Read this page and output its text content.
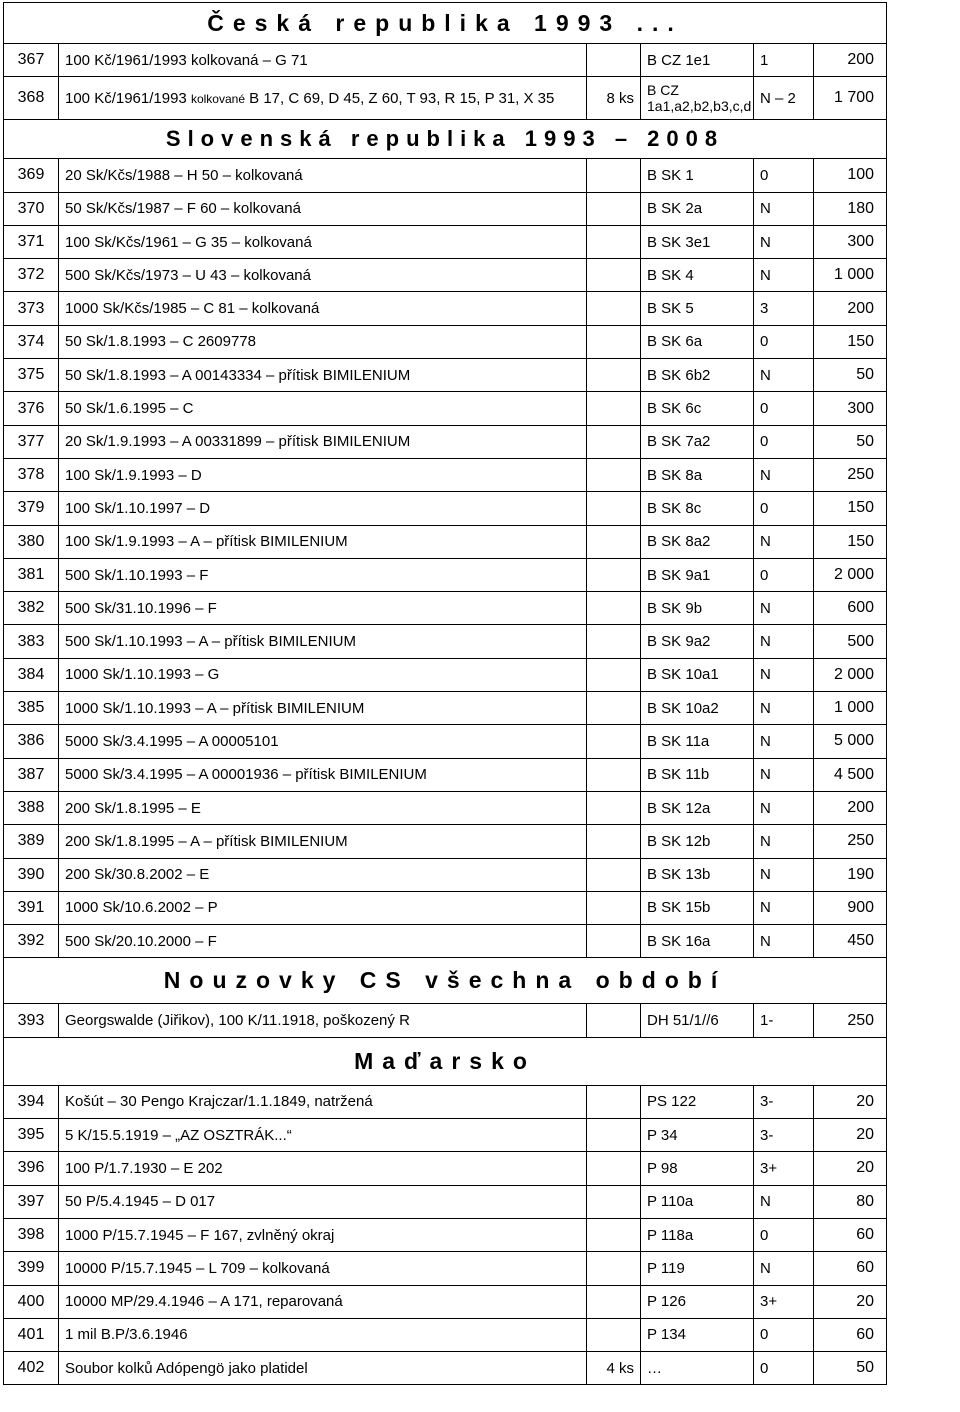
Česká republika 1993 ...					
367	100 Kč/1961/1993 kolkovaná – G 71		B CZ 1e1	1	200
368	100 Kč/1961/1993 kolkované B 17, C 69, D 45, Z 60, T 93, R 15, P 31, X 35	8 ks	B CZ
1a1,a2,b2,b3,c,d	N – 2	1 700
Slovenská republika 1993 – 2008					
369	20 Sk/Kčs/1988 – H 50 – kolkovaná		B SK 1	0	100
370	50 Sk/Kčs/1987 – F 60 – kolkovaná		B SK 2a	N	180
371	100 Sk/Kčs/1961 – G 35 – kolkovaná		B SK 3e1	N	300
372	500 Sk/Kčs/1973 – U 43 – kolkovaná		B SK 4	N	1 000
373	1000 Sk/Kčs/1985 – C 81 – kolkovaná		B SK 5	3	200
374	50 Sk/1.8.1993 – C 2609778		B SK 6a	0	150
375	50 Sk/1.8.1993 – A 00143334 – přítisk BIMILENIUM		B SK 6b2	N	50
376	50 Sk/1.6.1995 – C		B SK 6c	0	300
377	20 Sk/1.9.1993 – A 00331899 – přítisk BIMILENIUM		B SK 7a2	0	50
378	100 Sk/1.9.1993 – D		B SK 8a	N	250
379	100 Sk/1.10.1997 – D		B SK 8c	0	150
380	100 Sk/1.9.1993 – A – přítisk BIMILENIUM		B SK 8a2	N	150
381	500 Sk/1.10.1993 – F		B SK 9a1	0	2 000
382	500 Sk/31.10.1996 – F		B SK 9b	N	600
383	500 Sk/1.10.1993 – A – přítisk BIMILENIUM		B SK 9a2	N	500
384	1000 Sk/1.10.1993 – G		B SK 10a1	N	2 000
385	1000 Sk/1.10.1993 – A – přítisk BIMILENIUM		B SK 10a2	N	1 000
386	5000 Sk/3.4.1995 – A 00005101		B SK 11a	N	5 000
387	5000 Sk/3.4.1995 – A 00001936 – přítisk BIMILENIUM		B SK 11b	N	4 500
388	200 Sk/1.8.1995 – E		B SK 12a	N	200
389	200 Sk/1.8.1995 – A – přítisk BIMILENIUM		B SK 12b	N	250
390	200 Sk/30.8.2002 – E		B SK 13b	N	190
391	1000 Sk/10.6.2002 – P		B SK 15b	N	900
392	500 Sk/20.10.2000 – F		B SK 16a	N	450
Nouzovky CS všechna období					
393	Georgswalde (Jiřikov), 100 K/11.1918, poškozený R		DH 51/1//6	1-	250
Maďarsko					
394	Košút – 30 Pengo Krajczar/1.1.1849, natržená		PS 122	3-	20
395	5 K/15.5.1919 – „AZ OSZTRÁK...“		P 34	3-	20
396	100 P/1.7.1930 – E 202		P 98	3+	20
397	50 P/5.4.1945 – D 017		P 110a	N	80
398	1000 P/15.7.1945 – F 167, zvlněný okraj		P 118a	0	60
399	10000 P/15.7.1945 – L 709 – kolkovaná		P 119	N	60
400	10000 MP/29.4.1946 – A 171, reparovaná		P 126	3+	20
401	1 mil B.P/3.6.1946		P 134	0	60
402	Soubor kolků Adópengö jako platidel	4 ks	…	0	50
